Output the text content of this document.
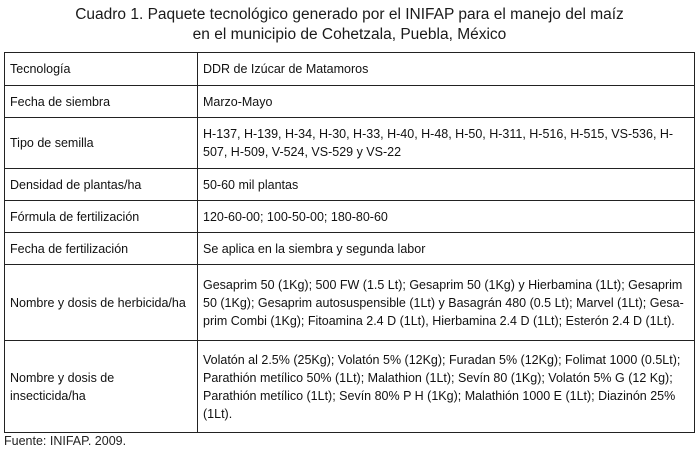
Cuadro 1. Paquete tecnológico generado por el INIFAP para el manejo del maíz
en el municipio de Cohetzala, Puebla, México
Tecnología	DDR de Izúcar de Matamoros
Fecha de siembra	Marzo-Mayo
Tipo de semilla	H-137, H-139, H-34, H-30, H-33, H-40, H-48, H-50, H-311, H-516, H-515, VS-536, H-507, H-509, V-524, VS-529 y VS-22
Densidad de plantas/ha	50-60 mil plantas
Fórmula de fertilización	120-60-00; 100-50-00; 180-80-60
Fecha de fertilización	Se aplica en la siembra y segunda labor
Nombre y dosis de herbicida/ha	Gesaprim 50 (1Kg); 500 FW (1.5 Lt); Gesaprim 50 (1Kg) y Hierbamina (1Lt); Gesaprim 50 (1Kg); Gesaprim autosuspensible (1Lt) y Basagrán 480 (0.5 Lt); Marvel (1Lt); Gesa-prim Combi (1Kg); Fitoamina 2.4 D (1Lt), Hierbamina 2.4 D (1Lt); Esterón 2.4 D (1Lt).
Nombre y dosis de insecticida/ha	Volatón al 2.5% (25Kg); Volatón 5% (12Kg); Furadan 5% (12Kg); Folimat 1000 (0.5Lt); Parathión metílico 50% (1Lt); Malathion (1Lt); Sevín 80 (1Kg); Volatón 5% G (12 Kg); Parathión metílico (1Lt); Sevín 80% P H (1Kg); Malathión 1000 E (1Lt); Diazinón 25% (1Lt).
Fuente: INIFAP. 2009.
